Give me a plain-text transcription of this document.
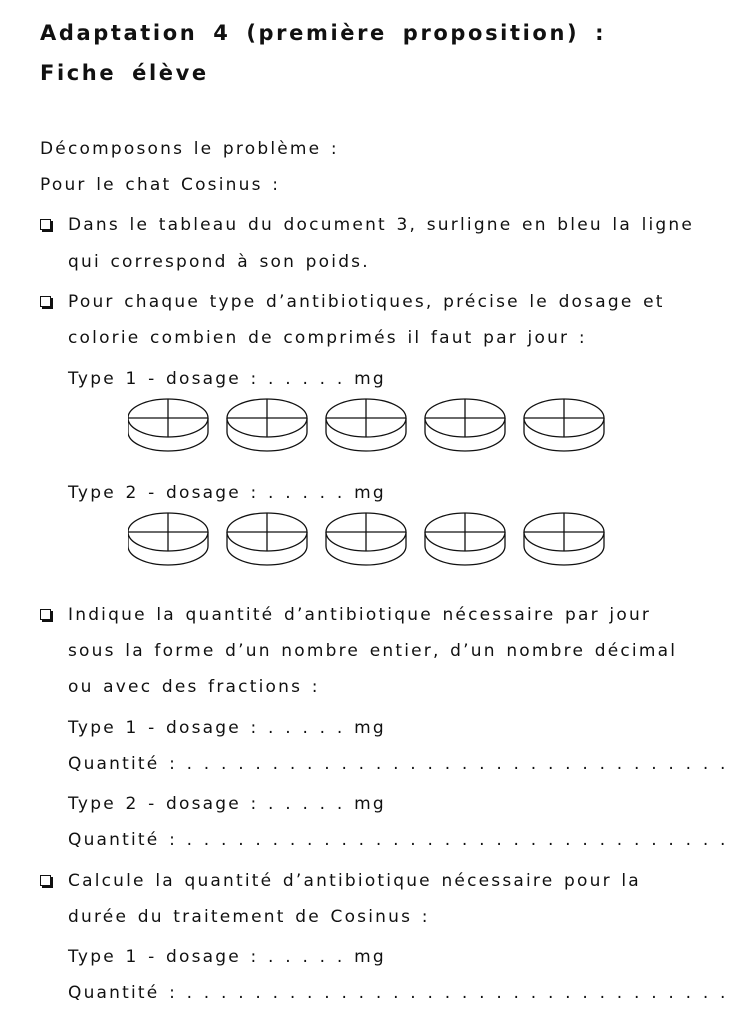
Adaptation 4 (première proposition) :
Fiche élève
Décomposons le problème :
Pour le chat Cosinus :
Dans le tableau du document 3, surligne en bleu la ligne
qui correspond à son poids.
Pour chaque type d’antibiotiques, précise le dosage et
colorie combien de comprimés il faut par jour :
Type 1 - dosage : . . . . . mg
Type 2 - dosage : . . . . . mg
Indique la quantité d’antibiotique nécessaire par jour
sous la forme d’un nombre entier, d’un nombre décimal
ou avec des fractions :
Type 1 - dosage : . . . . . mg
Quantité : . . . . . . . . . . . . . . . . . . . . . . . . . . . . . . . .
Type 2 - dosage : . . . . . mg
Quantité : . . . . . . . . . . . . . . . . . . . . . . . . . . . . . . . .
Calcule la quantité d’antibiotique nécessaire pour la
durée du traitement de Cosinus :
Type 1 - dosage : . . . . . mg
Quantité : . . . . . . . . . . . . . . . . . . . . . . . . . . . . . . . .
